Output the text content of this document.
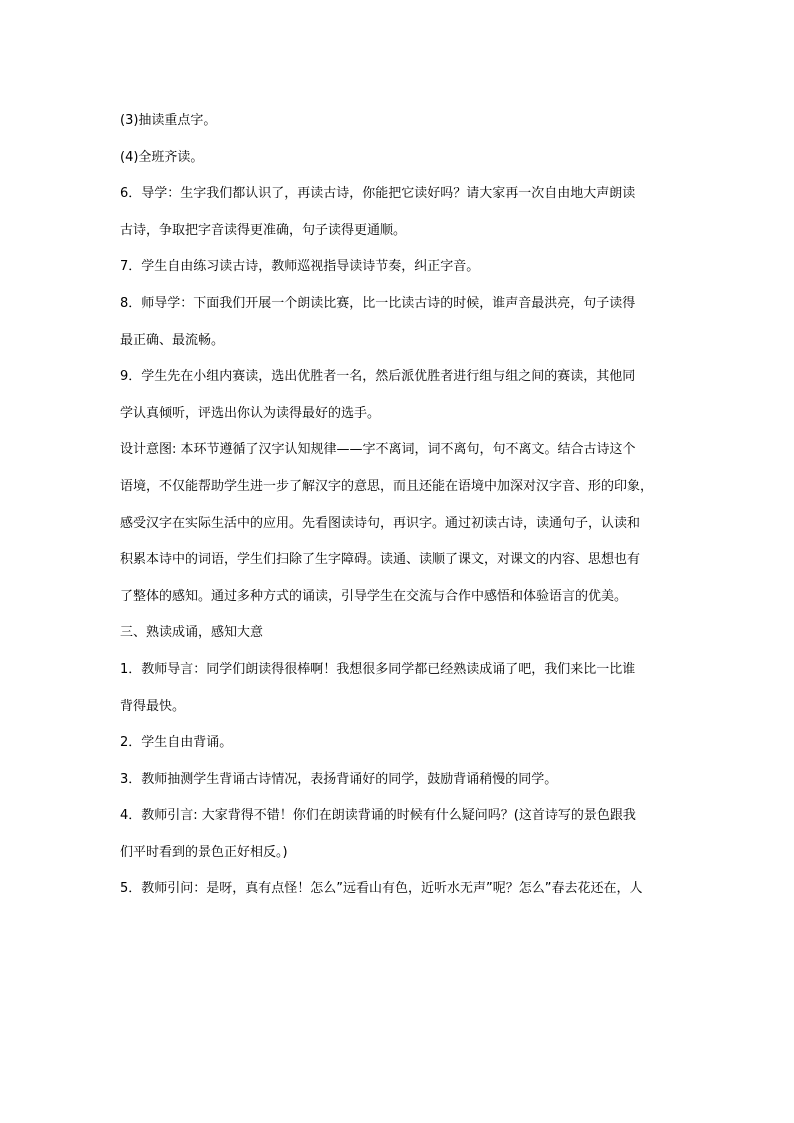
(3)抽读重点字。
(4)全班齐读。
6．导学：生字我们都认识了，再读古诗，你能把它读好吗？请大家再一次自由地大声朗读
古诗，争取把字音读得更准确，句子读得更通顺。
7．学生自由练习读古诗，教师巡视指导读诗节奏，纠正字音。
8．师导学：下面我们开展一个朗读比赛，比一比读古诗的时候，谁声音最洪亮，句子读得
最正确、最流畅。
9．学生先在小组内赛读，选出优胜者一名，然后派优胜者进行组与组之间的赛读，其他同
学认真倾听，评选出你认为读得最好的选手。
设计意图: 本环节遵循了汉字认知规律——字不离词，词不离句，句不离文。结合古诗这个
语境，不仅能帮助学生进一步了解汉字的意思，而且还能在语境中加深对汉字音、形的印象，
感受汉字在实际生活中的应用。先看图读诗句，再识字。通过初读古诗，读通句子，认读和
积累本诗中的词语，学生们扫除了生字障碍。读通、读顺了课文，对课文的内容、思想也有
了整体的感知。通过多种方式的诵读，引导学生在交流与合作中感悟和体验语言的优美。
三、熟读成诵，感知大意
1．教师导言：同学们朗读得很棒啊！我想很多同学都已经熟读成诵了吧，我们来比一比谁
背得最快。
2．学生自由背诵。
3．教师抽测学生背诵古诗情况，表扬背诵好的同学，鼓励背诵稍慢的同学。
4．教师引言: 大家背得不错！你们在朗读背诵的时候有什么疑问吗？(这首诗写的景色跟我
们平时看到的景色正好相反。)
5．教师引问：是呀，真有点怪！怎么”远看山有色，近听水无声”呢？怎么”春去花还在，人
